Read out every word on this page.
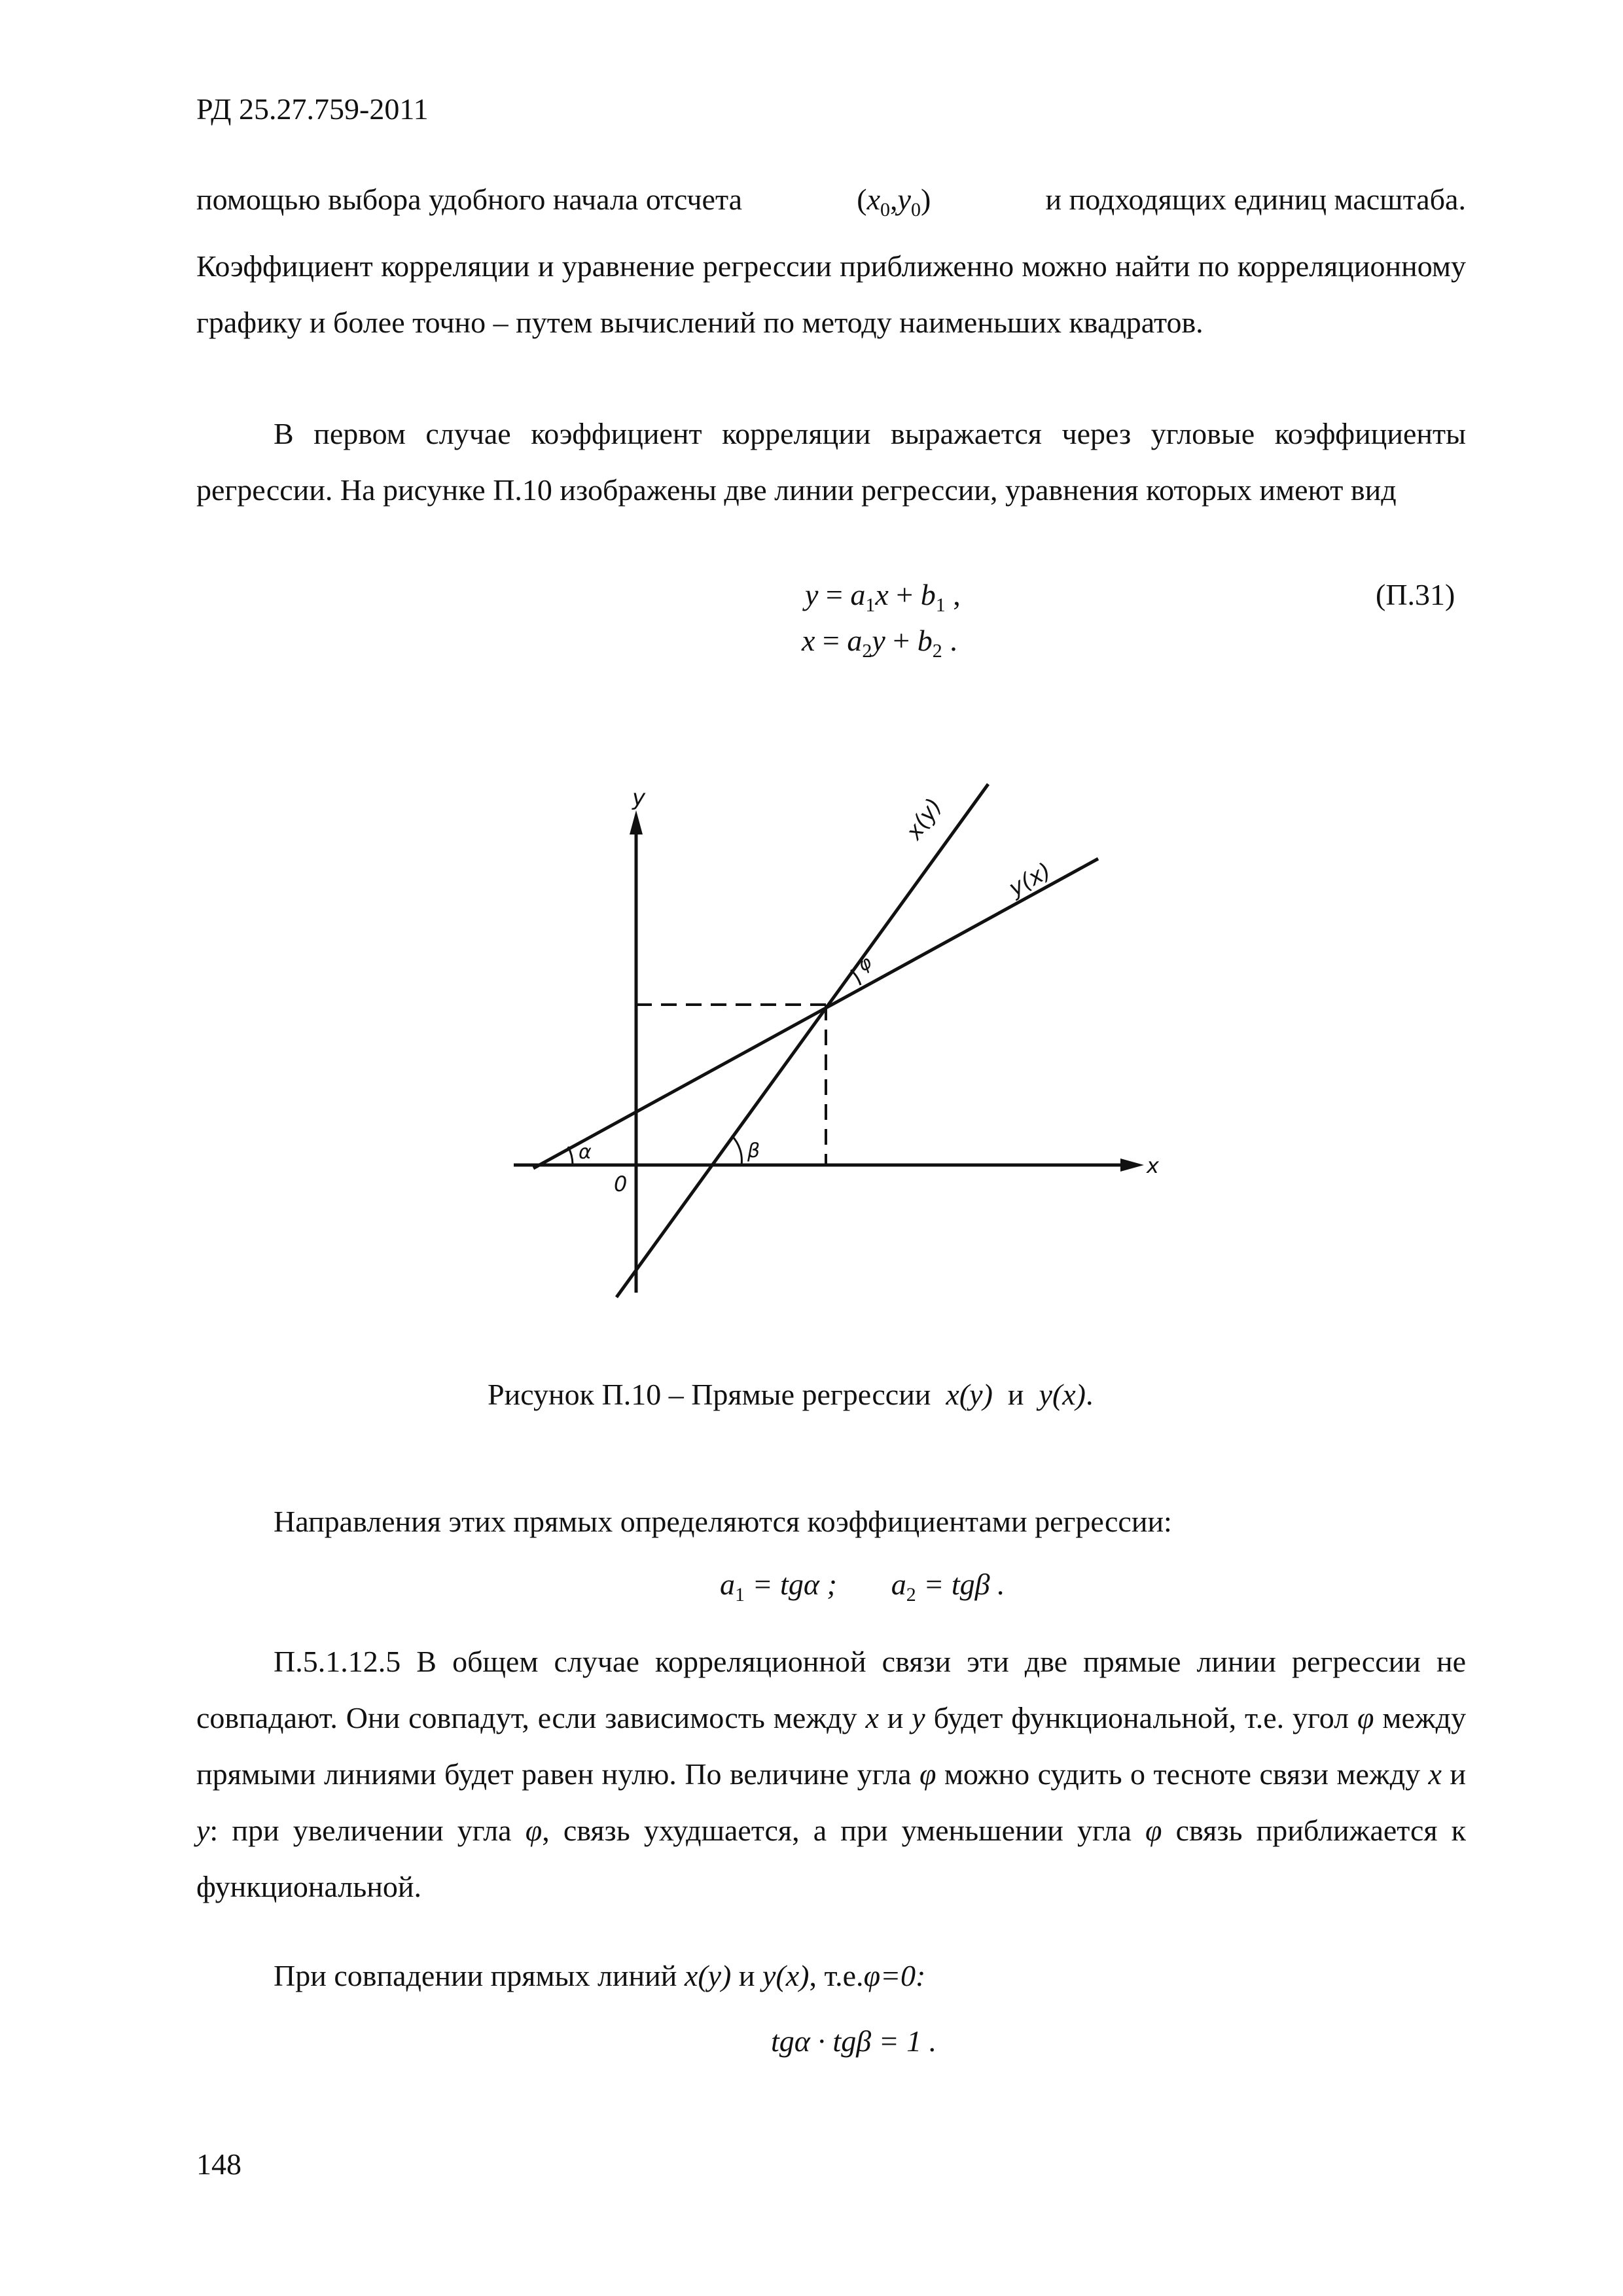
РД 25.27.759-2011
помощью выбора удобного начала отсчета	$(x_0,y_0)$	и подходящих единиц масштаба.
Коэффициент корреляции и уравнение регрессии приближенно можно найти по корреляционному графику и более точно – путем вычислений по методу наименьших квадратов.
В первом случае коэффициент корреляции выражается через угловые коэффициенты регрессии. На рисунке П.10 изображены две линии регрессии, уравнения которых имеют вид
$y = a_1x + b_1$ ,	(П.31)
$x = a_2y + b_2$ .
y
x
0
α	β
φ
x(y)
y(x)
Рисунок П.10 – Прямые регрессии x(y) и y(x).
Направления этих прямых определяются коэффициентами регрессии:
$a_1 = tg\alpha$ ; $a_2 = tg\beta$ .
П.5.1.12.5 В общем случае корреляционной связи эти две прямые линии регрессии не совпадают. Они совпадут, если зависимость между x и y будет функциональной, т.е. угол φ между прямыми линиями будет равен нулю. По величине угла φ можно судить о тесноте связи между x и y: при увеличении угла φ, связь ухудшается, а при уменьшении угла φ связь приближается к функциональной.
При совпадении прямых линий x(y) и y(x), т.е.φ=0:
tgα · tgβ = 1 .
148
